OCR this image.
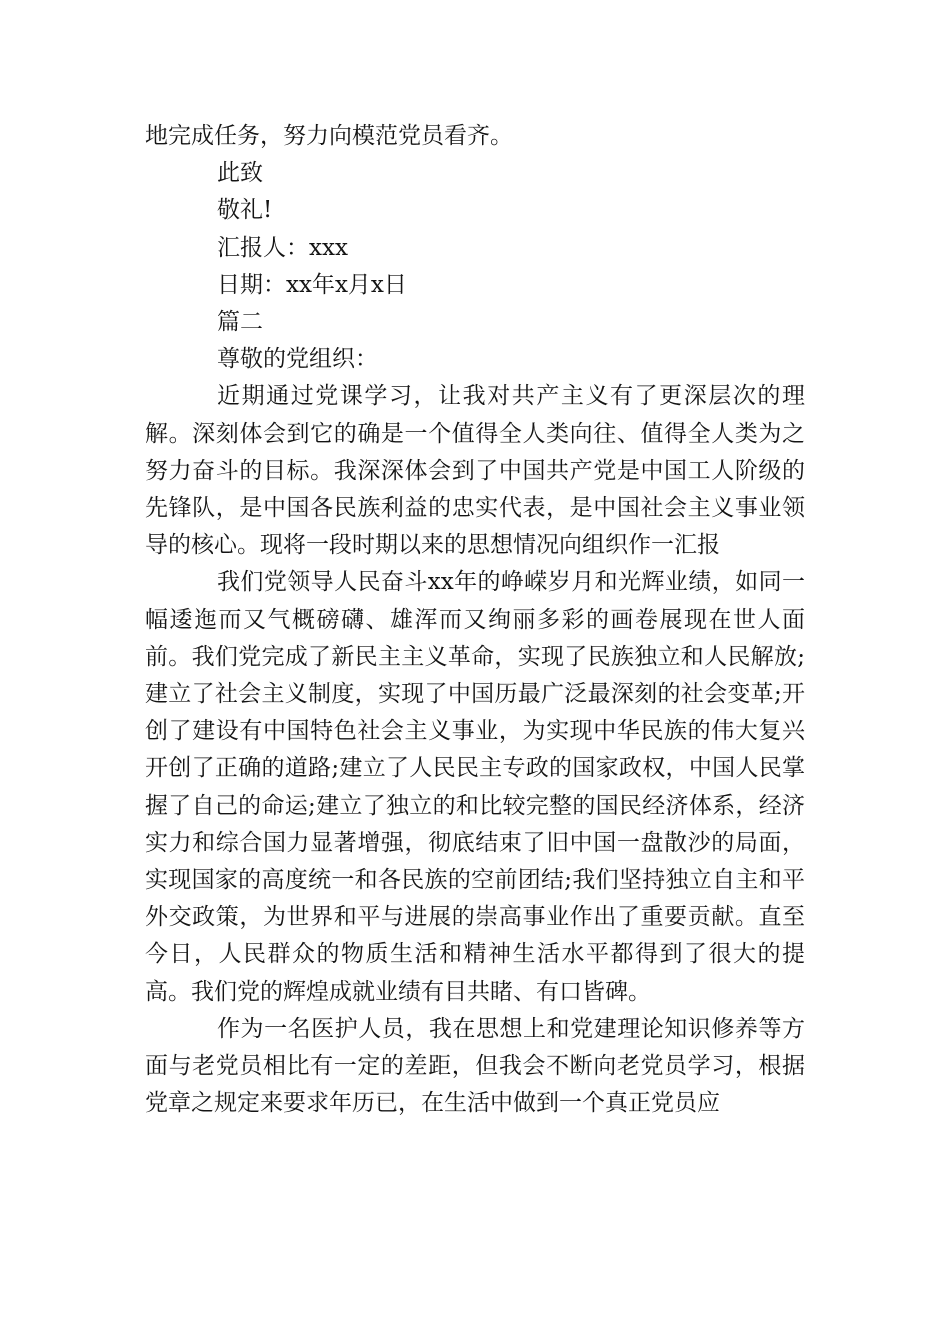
地完成任务，努力向模范党员看齐。
此致
敬礼!
汇报人：xxx
日期：xx年x月x日
篇二
尊敬的党组织：

近期通过党课学习，让我对共产主义有了更深层次的理解。深刻体会到它的确是一个值得全人类向往、值得全人类为之努力奋斗的目标。我深深体会到了中国共产党是中国工人阶级的先锋队，是中国各民族利益的忠实代表，是中国社会主义事业领导的核心。现将一段时期以来的思想情况向组织作一汇报

我们党领导人民奋斗xx年的峥嵘岁月和光辉业绩，如同一幅逶迤而又气概磅礴、雄浑而又绚丽多彩的画卷展现在世人面前。我们党完成了新民主主义革命，实现了民族独立和人民解放;建立了社会主义制度，实现了中国历最广泛最深刻的社会变革;开创了建设有中国特色社会主义事业，为实现中华民族的伟大复兴开创了正确的道路;建立了人民民主专政的国家政权，中国人民掌握了自己的命运;建立了独立的和比较完整的国民经济体系，经济实力和综合国力显著增强，彻底结束了旧中国一盘散沙的局面，实现国家的高度统一和各民族的空前团结;我们坚持独立自主和平外交政策，为世界和平与进展的崇高事业作出了重要贡献。直至今日，人民群众的物质生活和精神生活水平都得到了很大的提高。我们党的辉煌成就业绩有目共睹、有口皆碑。

作为一名医护人员，我在思想上和党建理论知识修养等方面与老党员相比有一定的差距，但我会不断向老党员学习，根据党章之规定来要求年历已，在生活中做到一个真正党员应
